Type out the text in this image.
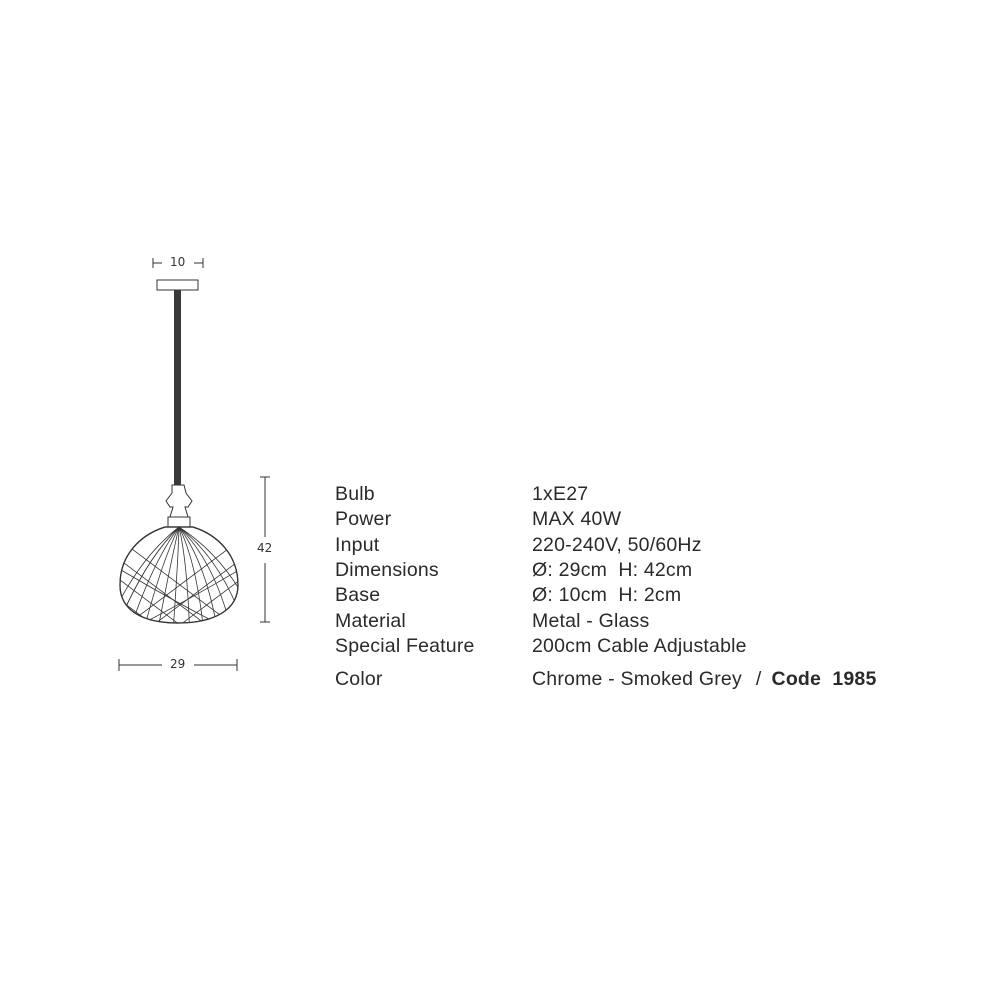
10
42
29
Bulb	1xE27
Power	MAX 40W
Input	220-240V, 50/60Hz
Dimensions	Ø: 29cm  H: 42cm
Base	Ø: 10cm  H: 2cm
Material	Metal - Glass
Special Feature	200cm Cable Adjustable
Color	Chrome - Smoked Grey / Code  1985
